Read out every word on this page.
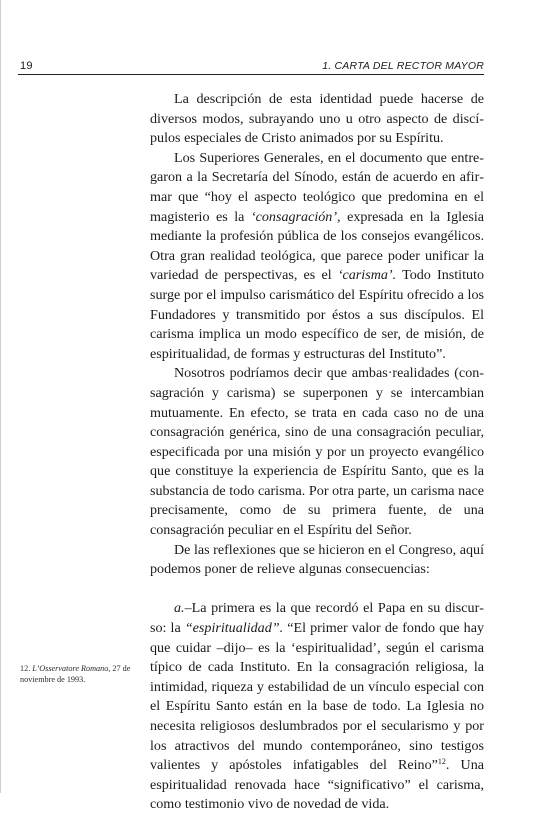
19	1. CARTA DEL RECTOR MAYOR

La descripción de esta identidad puede hacerse de diversos modos, subrayando uno u otro aspecto de discípulos especiales de Cristo animados por su Espíritu.

Los Superiores Generales, en el documento que entregaron a la Secretaría del Sínodo, están de acuerdo en afirmar que “hoy el aspecto teológico que predomina en el magisterio es la ‘consagración’, expresada en la Iglesia mediante la profesión pública de los consejos evangélicos. Otra gran realidad teológica, que parece poder unificar la variedad de perspectivas, es el ‘carisma’. Todo Instituto surge por el impulso carismático del Espíritu ofrecido a los Fundadores y transmitido por éstos a sus discípulos. El carisma implica un modo específico de ser, de misión, de espiritualidad, de formas y estructuras del Instituto”.

Nosotros podríamos decir que ambas·realidades (consagración y carisma) se superponen y se intercambian mutuamente. En efecto, se trata en cada caso no de una consagración genérica, sino de una consagración peculiar, especificada por una misión y por un proyecto evangélico que constituye la experiencia de Espíritu Santo, que es la substancia de todo carisma. Por otra parte, un carisma nace precisamente, como de su primera fuente, de una consagración peculiar en el Espíritu del Señor.

De las reflexiones que se hicieron en el Congreso, aquí podemos poner de relieve algunas consecuencias:

a.–La primera es la que recordó el Papa en su discurso: la “espiritualidad”. “El primer valor de fondo que hay que cuidar –dijo– es la ‘espiritualidad’, según el carisma típico de cada Instituto. En la consagración religiosa, la intimidad, riqueza y estabilidad de un vínculo especial con el Espíritu Santo están en la base de todo. La Iglesia no necesita religiosos deslumbrados por el secularismo y por los atractivos del mundo contemporáneo, sino testigos valientes y apóstoles infatigables del Reino”$^{12}$. Una espiritualidad renovada hace “significativo” el carisma, como testimonio vivo de novedad de vida.

12. L’Osservatore Romano, 27 de noviembre de 1993.
